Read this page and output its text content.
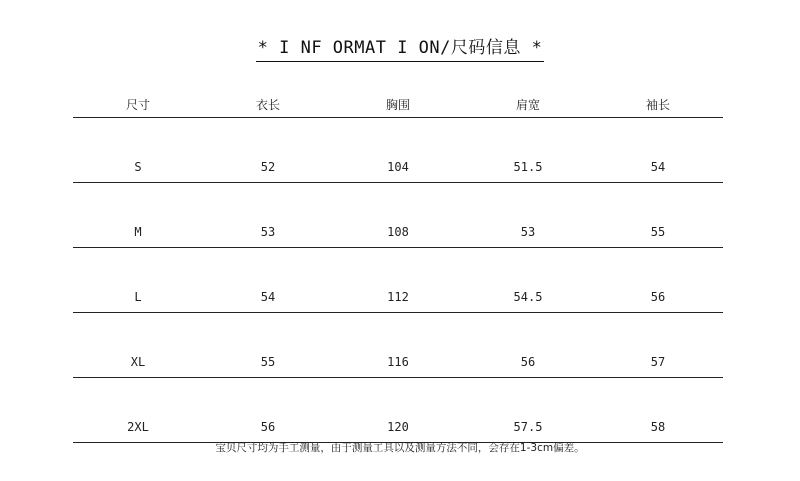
* I NF ORMAT I ON/尺码信息 *
尺寸	衣长	胸围	肩宽	袖长
S	52	104	51.5	54
M	53	108	53	55
L	54	112	54.5	56
XL	55	116	56	57
2XL	56	120	57.5	58
宝贝尺寸均为手工测量，由于测量工具以及测量方法不同，会存在1-3cm偏差。
